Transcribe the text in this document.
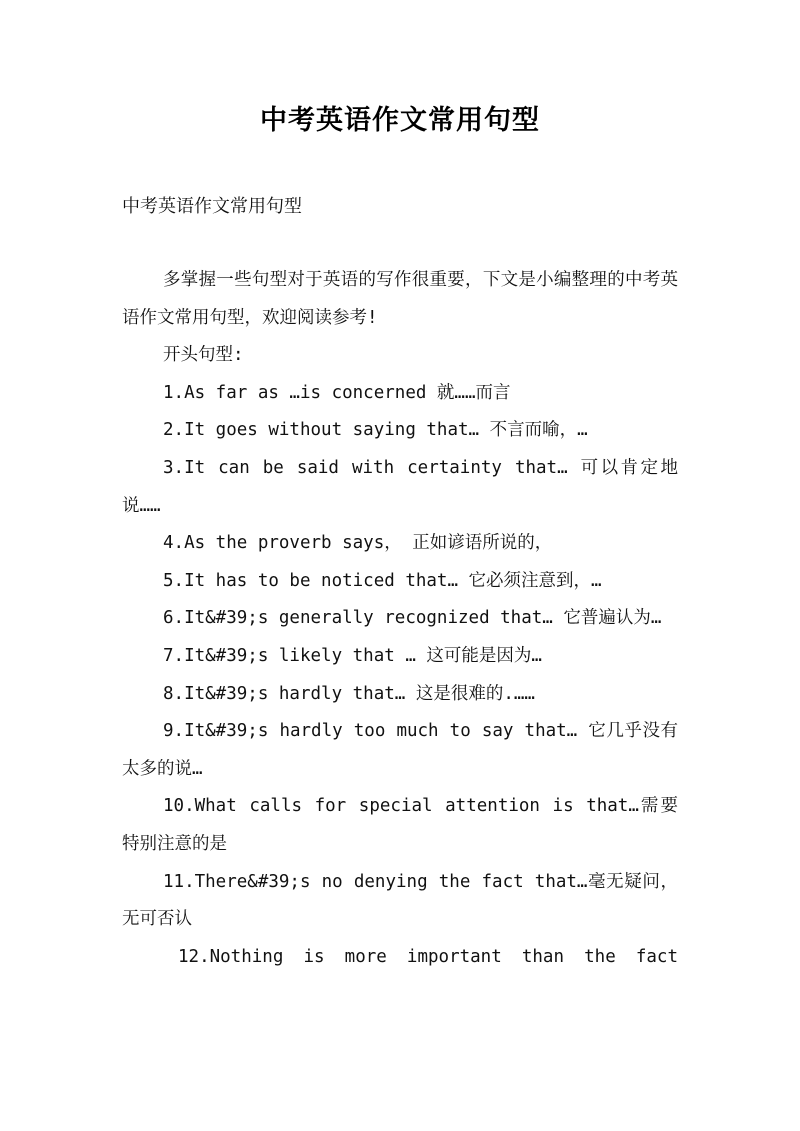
中考英语作文常用句型
中考英语作文常用句型

多掌握一些句型对于英语的写作很重要，下文是小编整理的中考英语作文常用句型，欢迎阅读参考!

开头句型:

1.As far as …is concerned 就……而言

2.It goes without saying that… 不言而喻，…

3.It can be said with certainty that… 可以肯定地说……

4.As the proverb says， 正如谚语所说的，

5.It has to be noticed that… 它必须注意到，…

6.It&#39;s generally recognized that… 它普遍认为…

7.It&#39;s likely that … 这可能是因为…

8.It&#39;s hardly that… 这是很难的.……

9.It&#39;s hardly too much to say that… 它几乎没有太多的说…

10.What calls for special attention is that…需要特别注意的是

11.There&#39;s no denying the fact that…毫无疑问，无可否认

12.Nothing is more important than the fact
